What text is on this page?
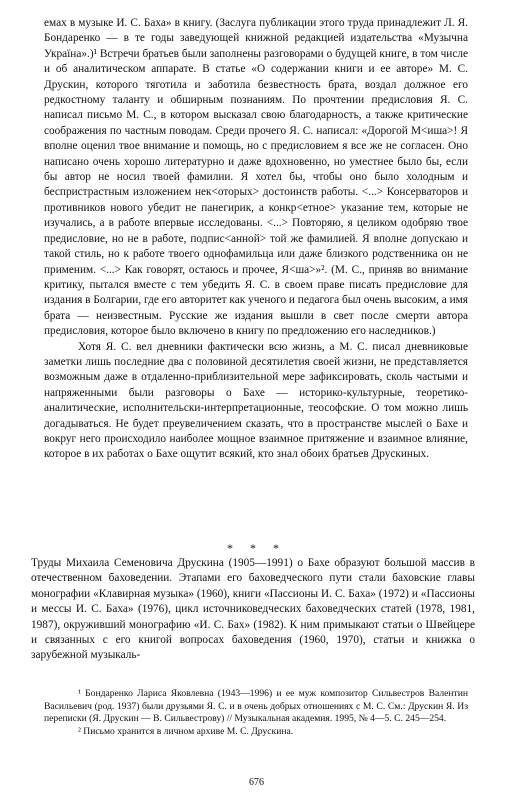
емах в музыке И. С. Баха» в книгу. (Заслуга публикации этого труда принадлежит Л. Я. Бондаренко — в те годы заведующей книжной редакцией издательства «Музычна Україна».)¹ Встречи братьев были заполнены разговорами о будущей книге, в том числе и об аналитическом аппарате. В статье «О содержании книги и ее авторе» М. С. Друскин, которого тяготила и заботила безвестность брата, воздал должное его редкостному таланту и обширным познаниям. По прочтении предисловия Я. С. написал письмо М. С., в котором высказал свою благодарность, а также критические соображения по частным поводам. Среди прочего Я. С. написал: «Дорогой М<иша>! Я вполне оценил твое внимание и помощь, но с предисловием я все же не согласен. Оно написано очень хорошо литературно и даже вдохновенно, но уместнее было бы, если бы автор не носил твоей фамилии. Я хотел бы, чтобы оно было холодным и беспристрастным изложением нек<оторых> достоинств работы. <...> Консерваторов и противников нового убедит не панегирик, а конкр<етное> указание тем, которые не изучались, а в работе впервые исследованы. <...> Повторяю, я целиком одобряю твое предисловие, но не в работе, подпис<анной> той же фамилией. Я вполне допускаю и такой стиль, но к работе твоего однофамильца или даже близкого родственника он не применим. <...> Как говорят, остаюсь и прочее, Я<ша>»². (М. С., приняв во внимание критику, пытался вместе с тем убедить Я. С. в своем праве писать предисловие для издания в Болгарии, где его авторитет как ученого и педагога был очень высоким, а имя брата — неизвестным. Русские же издания вышли в свет после смерти автора предисловия, которое было включено в книгу по предложению его наследников.)

Хотя Я. С. вел дневники фактически всю жизнь, а М. С. писал дневниковые заметки лишь последние два с половиной десятилетия своей жизни, не представляется возможным даже в отдаленно-приблизительной мере зафиксировать, сколь частыми и напряженными были разговоры о Бахе — историко-культурные, теоретико-аналитические, исполнительски-интерпретационные, теософские. О том можно лишь догадываться. Не будет преувеличением сказать, что в пространстве мыслей о Бахе и вокруг него происходило наиболее мощное взаимное притяжение и взаимное влияние, которое в их работах о Бахе ощутит всякий, кто знал обоих братьев Друскиных.

* * *

Труды Михаила Семеновича Друскина (1905—1991) о Бахе образуют большой массив в отечественном баховедении. Этапами его баховедческого пути стали баховские главы монографии «Клавирная музыка» (1960), книги «Пассионы И. С. Баха» (1972) и «Пассионы и мессы И. С. Баха» (1976), цикл источниковедческих баховедческих статей (1978, 1981, 1987), окруживший монографию «И. С. Бах» (1982). К ним примыкают статьи о Швейцере и связанных с его книгой вопросах баховедения (1960, 1970), статьи и книжка о зарубежной музыкаль-

¹ Бондаренко Лариса Яковлевна (1943—1996) и ее муж композитор Сильвестров Валентин Васильевич (род. 1937) были друзьями Я. С. и в очень добрых отношениях с М. С. См.: Друскин Я. Из переписки (Я. Друскин — В. Сильвестрову) // Музыкальная академия. 1995, № 4—5. С. 245—254.

² Письмо хранится в личном архиве М. С. Друскина.

676
